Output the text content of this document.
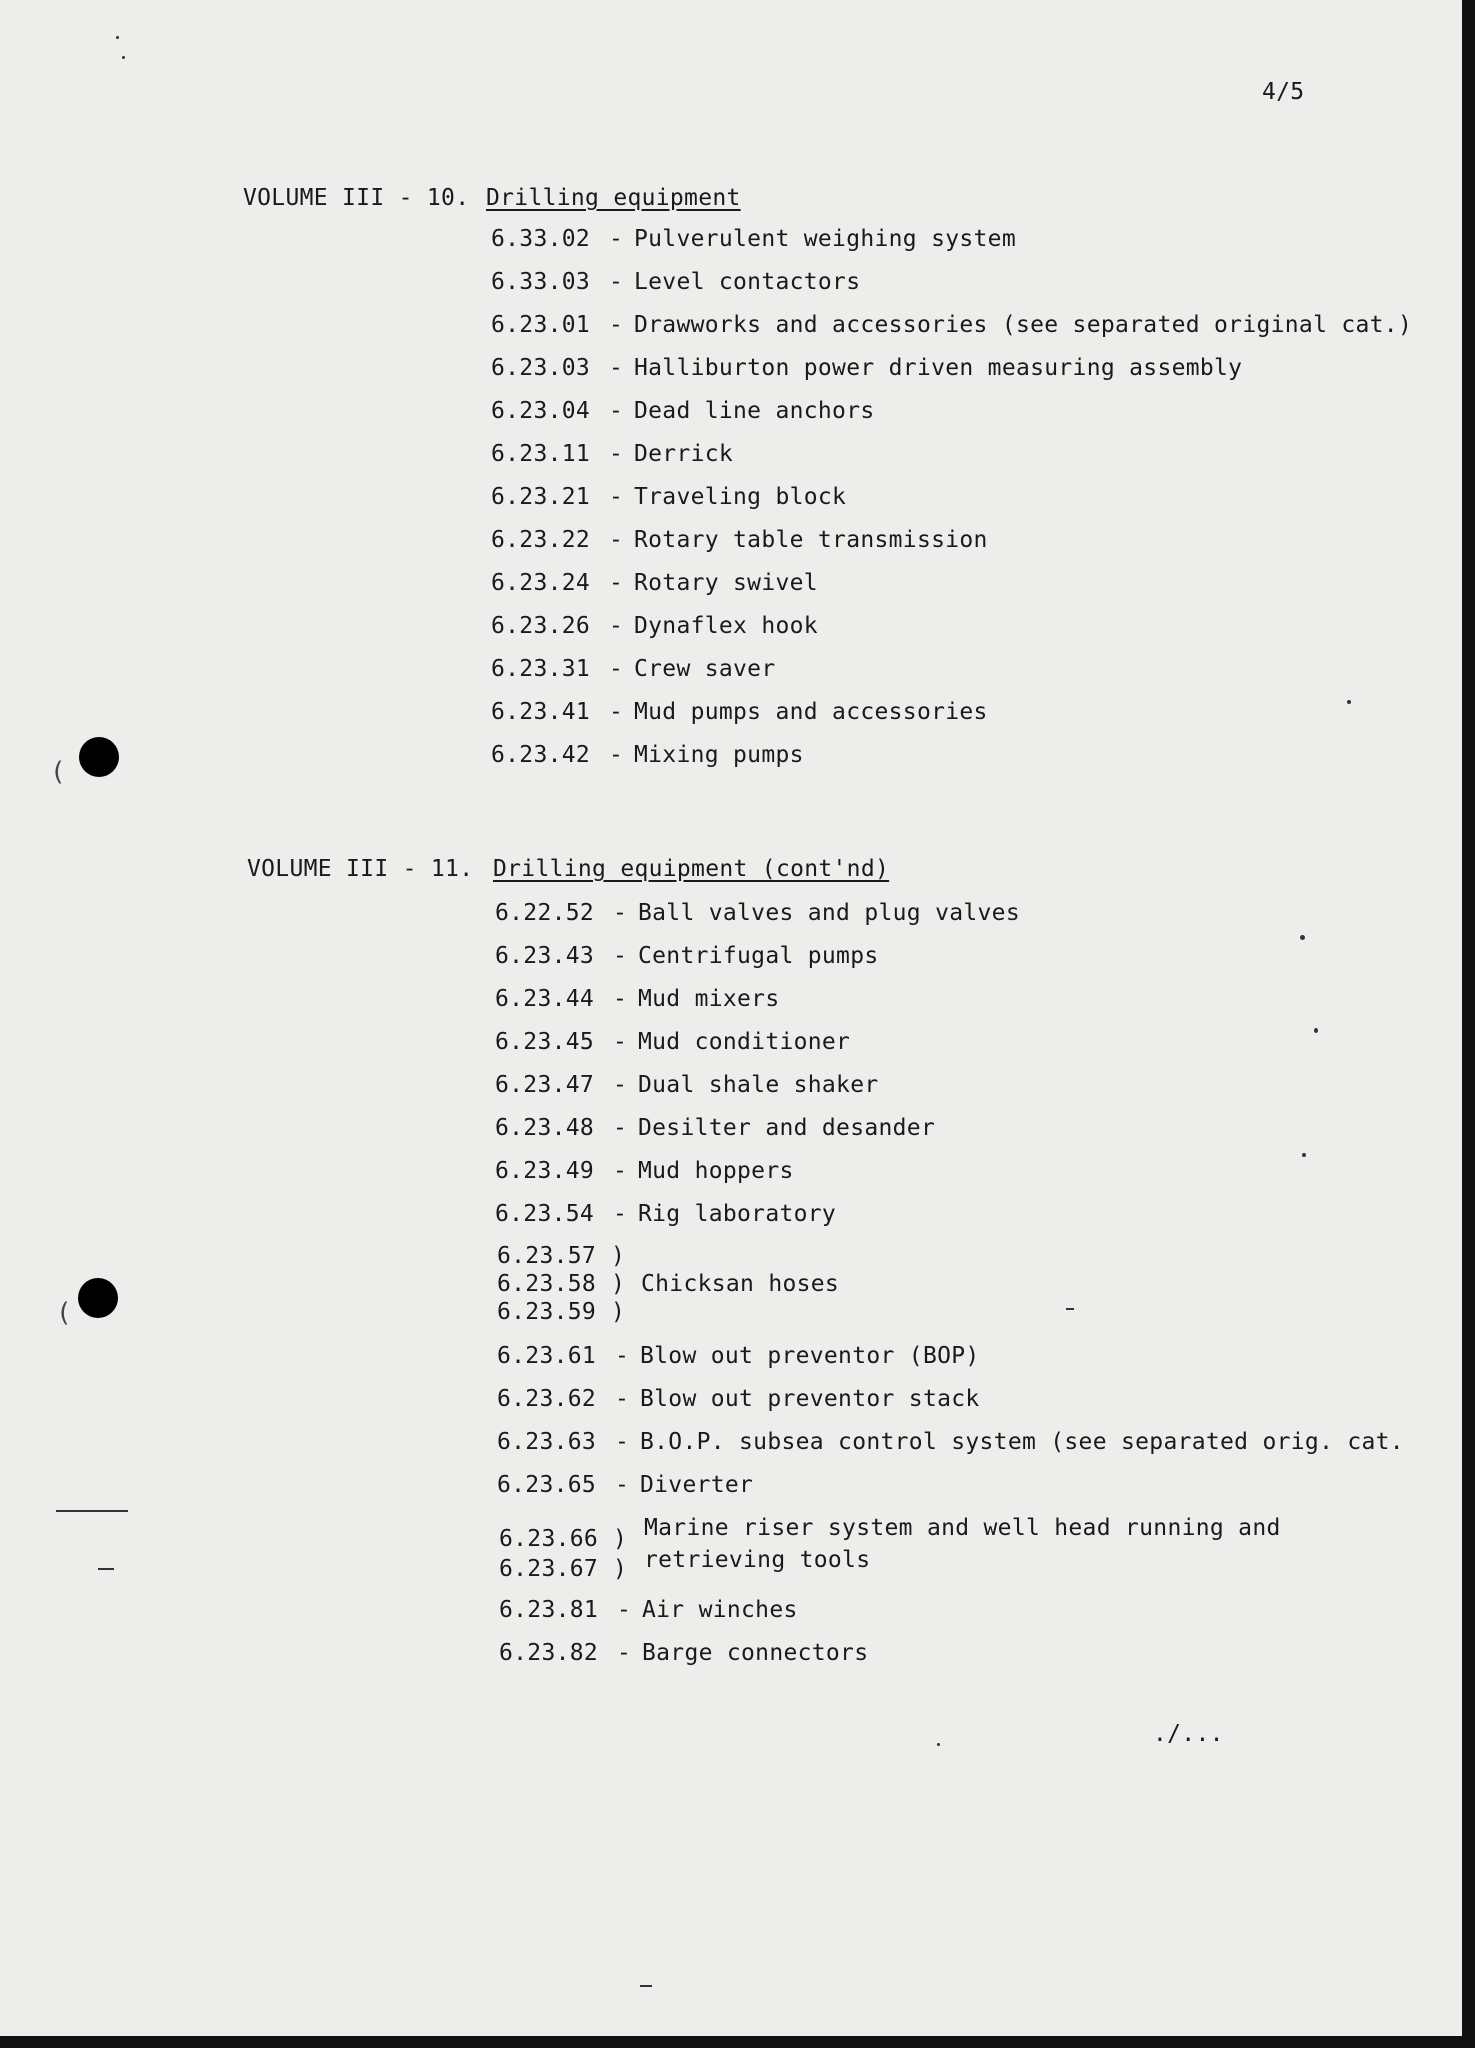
4/5
VOLUME III - 10. Drilling equipment
6.33.02 - Pulverulent weighing system
6.33.03 - Level contactors
6.23.01 - Drawworks and accessories (see separated original cat.)
6.23.03 - Halliburton power driven measuring assembly
6.23.04 - Dead line anchors
6.23.11 - Derrick
6.23.21 - Traveling block
6.23.22 - Rotary table transmission
6.23.24 - Rotary swivel
6.23.26 - Dynaflex hook
6.23.31 - Crew saver
6.23.41 - Mud pumps and accessories
6.23.42 - Mixing pumps
VOLUME III - 11. Drilling equipment (cont'nd)
6.22.52 - Ball valves and plug valves
6.23.43 - Centrifugal pumps
6.23.44 - Mud mixers
6.23.45 - Mud conditioner
6.23.47 - Dual shale shaker
6.23.48 - Desilter and desander
6.23.49 - Mud hoppers
6.23.54 - Rig laboratory
6.23.57
6.23.58
6.23.59
)
)
)
Chicksan hoses
6.23.61 - Blow out preventor (BOP)
6.23.62 - Blow out preventor stack
6.23.63 - B.O.P. subsea control system (see separated orig. cat.
6.23.65 - Diverter
6.23.66
6.23.67
)
)
Marine riser system and well head running and
retrieving tools
6.23.81 - Air winches
6.23.82 - Barge connectors
./...
(
(
